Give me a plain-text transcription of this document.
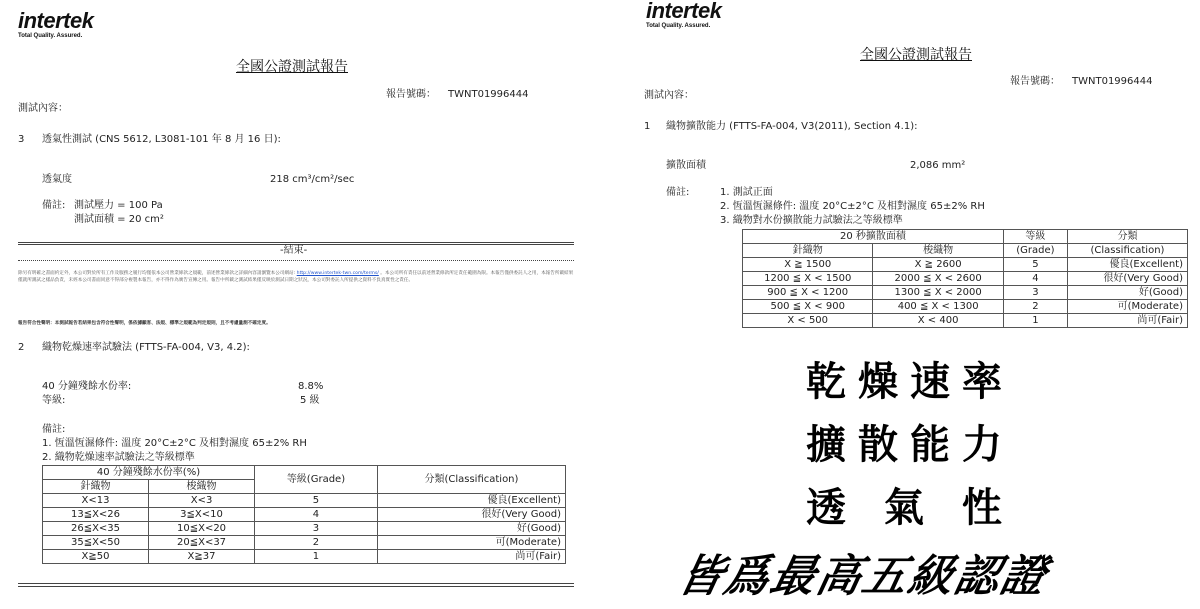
intertek
Total Quality. Assured.
全國公證測試報告
報告號碼： TWNT01996444
測試內容：
3 透氣性測試 (CNS 5612, L3081-101 年 8 月 16 日):
透氣度	218 cm³/cm²/sec
備註: 測試壓力 = 100 Pa
測試面積 = 20 cm²
-結束-
除另有明確之書面約定外，本公司對於所有工作及服務之履行均僅依本公司營業條款之規範，前述營業條款之詳細內容請瀏覽本公司網站: http://www.intertek-twn.com/terms/ 。本公司所有責任以前述營業條款所定責任範圍為限。本報告僅供委託人之用，本報告所載結果僅就所測試之樣品負責，未經本公司書面同意不得部分複製本報告，亦不得作為廣告宣傳之用。報告中所載之測試結果僅反映於測試日期之狀況，本公司對委託人所提供之資料不負真實性之責任。
報告符合性聲明：本測試報告若結果包含符合性聲明，係依據顧客、法規、標準之規範為判定規則，且不考慮量測不確定度。
2 織物乾燥速率試驗法 (FTTS-FA-004, V3, 4.2):
40 分鐘殘餘水份率:	8.8%
等級:	5 級
備註:
1. 恆溫恆濕條件: 溫度 20°C±2°C 及相對濕度 65±2% RH
2. 織物乾燥速率試驗法之等級標準
40 分鐘殘餘水份率(%)		等級(Grade)	分類(Classification)
針織物	梭織物		
X<13	X<3	5	優良(Excellent)
13≦X<26	3≦X<10	4	很好(Very Good)
26≦X<35	10≦X<20	3	好(Good)
35≦X<50	20≦X<37	2	可(Moderate)
X≧50	X≧37	1	尚可(Fair)
intertek
Total Quality. Assured.
全國公證測試報告
報告號碼： TWNT01996444
測試內容：
1 織物擴散能力 (FTTS-FA-004, V3(2011), Section 4.1):
擴散面積	2,086 mm²
備註:	1. 測試正面
2. 恆溫恆濕條件: 溫度 20°C±2°C 及相對濕度 65±2% RH
3. 織物對水份擴散能力試驗法之等級標準
20 秒擴散面積		等級	分類
針織物	梭織物	(Grade)	(Classification)
X ≧ 1500	X ≧ 2600	5	優良(Excellent)
1200 ≦ X < 1500	2000 ≦ X < 2600	4	很好(Very Good)
900 ≦ X < 1200	1300 ≦ X < 2000	3	好(Good)
500 ≦ X < 900	400 ≦ X < 1300	2	可(Moderate)
X < 500	X < 400	1	尚可(Fair)
乾燥速率
擴散能力
透 氣 性
皆爲最高五級認證
